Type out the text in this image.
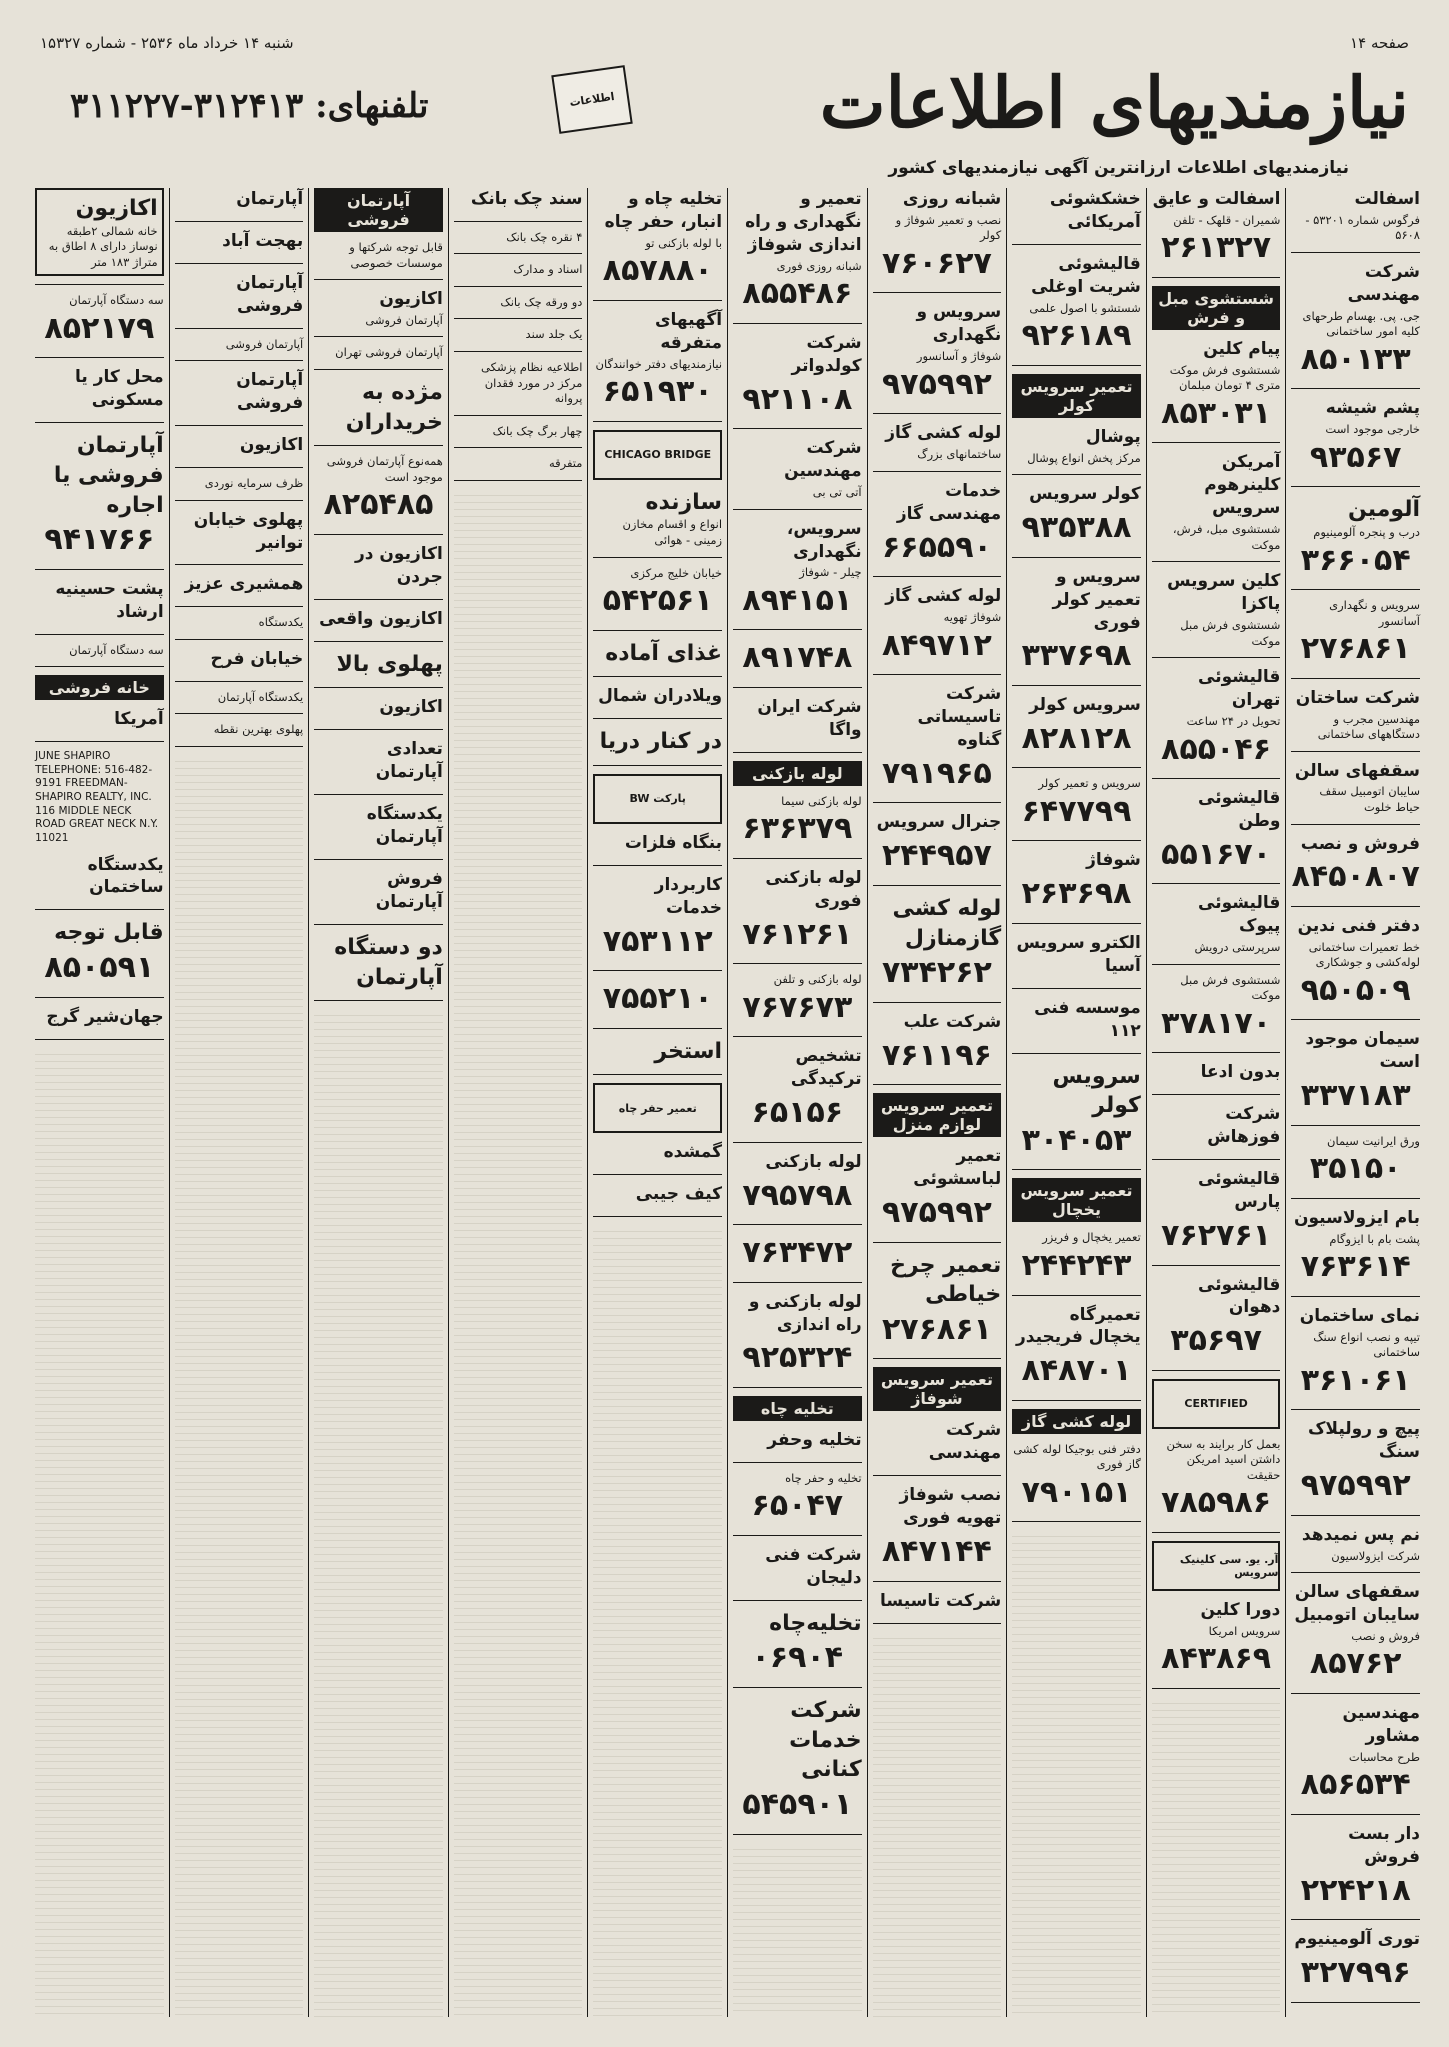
صفحه ۱۴
شنبه ۱۴ خرداد ماه ۲۵۳۶ - شماره ۱۵۳۲۷
نیازمندیهای اطلاعات
اطلاعات
نیازمندیهای اطلاعات ارزانترین آگهی نیازمندیهای کشور
تلفنهای: ۳۱۲۴۱۳-۳۱۱۲۲۷
اسفالت
فرگوس شماره ۵۳۲۰۱ - ۵۶۰۸
شرکت مهندسی
جی. پی. بهسام طرحهای کلیه امور ساختمانی
۸۵۰۱۳۳
پشم شیشه
خارجی موجود است
۹۳۵۶۷
آلومین
درب و پنجره آلومینیوم
۳۶۶۰۵۴
سرویس و نگهداری آسانسور
۲۷۶۸۶۱
شرکت ساختان
مهندسین مجرب و دستگاههای ساختمانی
سقفهای سالن
سایبان اتومبیل سقف حیاط خلوت
فروش و نصب
۸۴۵۰۸۰۷
دفتر فنی ندین
خط تعمیرات ساختمانی لوله‌کشی و جوشکاری
۹۵۰۵۰۹
سیمان موجود است
۳۳۷۱۸۳
ورق ایرانیت سیمان
۳۵۱۵۰
بام ایزولاسیون
پشت بام با ایزوگام
۷۶۳۶۱۴
نمای ساختمان
تیپه و نصب انواع سنگ ساختمانی
۳۶۱۰۶۱
پیچ و رولپلاک سنگ
۹۷۵۹۹۲
نم پس نمیدهد
شرکت ایزولاسیون
سقفهای سالن سایبان اتومبیل
فروش و نصب
۸۵۷۶۲
مهندسین مشاور
طرح محاسبات
۸۵۶۵۳۴
دار بست فروش
۲۲۴۲۱۸
توری آلومینیوم
۳۲۷۹۹۶
اسفالت و عایق
شمیران - قلهک - تلفن
۲۶۱۳۲۷
شستشوی مبل و فرش
پیام کلین
شستشوی فرش موکت متری ۴ تومان مبلمان
۸۵۳۰۳۱
آمریکن کلینرهوم سرویس
شستشوی مبل، فرش، موکت
کلین سرویس پاکزا
شستشوی فرش مبل موکت
قالیشوئی تهران
تحویل در ۲۴ ساعت
۸۵۵۰۴۶
قالیشوئی وطن
۵۵۱۶۷۰
قالیشوئی پیوک
سرپرستی درویش
شستشوی فرش مبل موکت
۳۷۸۱۷۰
بدون ادعا
شرکت فوزهاش
قالیشوئی پارس
۷۶۲۷۶۱
قالیشوئی دهوان
۳۵۶۹۷
CERTIFIED
بعمل کار برایند به سخن داشتن اسید امریکن حقیقت
۷۸۵۹۸۶
آر. یو. سی کلینیک سرویس
دورا کلین
سرویس امریکا
۸۴۳۸۶۹
خشکشوئی آمریکائی
قالیشوئی شریت اوغلی
شستشو با اصول علمی
۹۲۶۱۸۹
تعمیر سرویس کولر
پوشال
مرکز پخش انواع پوشال
کولر سرویس
۹۳۵۳۸۸
سرویس و تعمیر کولر فوری
۳۳۷۶۹۸
سرویس کولر
۸۲۸۱۲۸
سرویس و تعمیر کولر
۶۴۷۷۹۹
شوفاژ
۲۶۳۶۹۸
الکترو سرویس آسیا
موسسه فنی ۱۱۲
سرویس کولر
۳۰۴۰۵۳
تعمیر سرویس یخچال
تعمیر یخچال و فریزر
۲۴۴۲۴۳
تعمیرگاه یخچال فریجیدر
۸۴۸۷۰۱
لوله کشی گاز
دفتر فنی بوجیکا لوله کشی گاز فوری
۷۹۰۱۵۱
شبانه روزی
نصب و تعمیر شوفاژ و کولر
۷۶۰۶۲۷
سرویس و نگهداری
شوفاژ و آسانسور
۹۷۵۹۹۲
لوله کشی گاز
ساختمانهای بزرگ
خدمات مهندسی گاز
۶۶۵۵۹۰
لوله کشی گاز
شوفاژ تهویه
۸۴۹۷۱۲
شرکت تاسیساتی گناوه
۷۹۱۹۶۵
جنرال سرویس
۲۴۴۹۵۷
لوله کشی گازمنازل
۷۳۴۲۶۲
شرکت علب
۷۶۱۱۹۶
تعمیر سرویس لوازم منزل
تعمیر لباسشوئی
۹۷۵۹۹۲
تعمیر چرخ خیاطی
۲۷۶۸۶۱
تعمیر سرویس شوفاژ
شرکت مهندسی
نصب شوفاژ تهویه فوری
۸۴۷۱۴۴
شرکت تاسیسا
تعمیر و نگهداری و راه اندازی شوفاژ
شبانه روزی فوری
۸۵۵۴۸۶
شرکت کولدواتر
۹۲۱۱۰۸
شرکت مهندسین
آتی تی بی
سرویس، نگهداری
چیلر - شوفاژ
۸۹۴۱۵۱
۸۹۱۷۴۸
شرکت ایران واگا
لوله بازکنی
لوله بازکنی سیما
۶۳۶۳۷۹
لوله بازکنی فوری
۷۶۱۲۶۱
لوله بازکنی و تلفن
۷۶۷۶۷۳
تشخیص ترکیدگی
۶۵۱۵۶
لوله بازکنی
۷۹۵۷۹۸
۷۶۳۴۷۲
لوله بازکنی و راه اندازی
۹۲۵۳۲۴
تخلیه چاه
تخلیه وحفر
تخلیه و حفر چاه
۶۵۰۴۷
شرکت فنی دلیجان
تخلیه‌چاه
۰۶۹۰۴
شرکت خدمات کنانی
۵۴۵۹۰۱
تخلیه چاه و انبار، حفر چاه
با لوله بازکنی تو
۸۵۷۸۸۰
آگهیهای متفرقه
نیازمندیهای دفتر خوانندگان
۶۵۱۹۳۰
CHICAGO BRIDGE
سازنده
انواع و اقسام مخازن زمینی - هوائی
خیابان خلیج مرکزی
۵۴۲۵۶۱
غذای آماده
ویلادران شمال
در کنار دریا
پارکت BW
بنگاه فلزات
کاربردار خدمات
۷۵۳۱۱۲
۷۵۵۲۱۰
استخر
تعمیر حفر چاه
گمشده
کیف جیبی
سند چک بانک
۴ نقره چک بانک
اسناد و مدارک
دو ورقه چک بانک
یک جلد سند
اطلاعیه نظام پزشکی مرکز در مورد فقدان پروانه
چهار برگ چک بانک
متفرقه
آپارتمان فروشی
قابل توجه شرکتها و موسسات خصوصی
اکازیون
آپارتمان فروشی
آپارتمان فروشی تهران
مژده به خریداران
همه‌نوع آپارتمان فروشی موجود است
۸۲۵۴۸۵
اکازیون در جردن
اکازیون واقعی
پهلوی بالا
اکازیون
تعدادی آپارتمان
یکدستگاه آپارتمان
فروش آپارتمان
دو دستگاه آپارتمان
آپارتمان
بهجت آباد
آپارتمان فروشی
آپارتمان فروشی
آپارتمان فروشی
اکازیون
ظرف سرمایه نوردی
پهلوی خیابان توانیر
همشیری عزیز
یکدستگاه
خیابان فرح
یکدستگاه آپارتمان
پهلوی بهترین نقطه
اکازیون
خانه شمالی ۲طبقه نوساز دارای ۸ اطاق به متراژ ۱۸۳ متر
سه دستگاه آپارتمان
۸۵۲۱۷۹
محل کار یا مسکونی
آپارتمان فروشی یا اجاره
۹۴۱۷۶۶
پشت حسینیه ارشاد
سه دستگاه آپارتمان
خانه فروشی
آمریکا
JUNE SHAPIRO TELEPHONE: 516-482-9191 FREEDMAN-SHAPIRO REALTY, INC. 116 MIDDLE NECK ROAD GREAT NECK N.Y. 11021
یکدستگاه ساختمان
قابل توجه
۸۵۰۵۹۱
جهان‌شیر گرج
